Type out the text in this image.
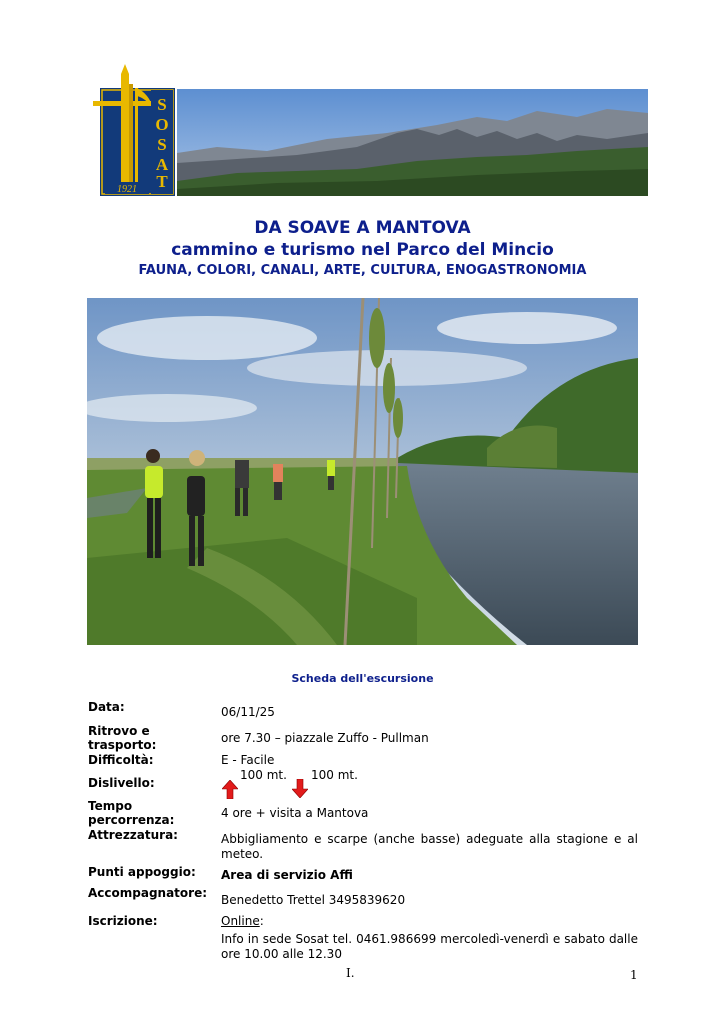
S
O
S
A
T
1921
DA SOAVE A MANTOVA
cammino e turismo nel Parco del Mincio
FAUNA, COLORI, CANALI, ARTE, CULTURA, ENOGASTRONOMIA
Scheda dell'escursione
Data:	06/11/25
Ritrovo e trasporto:	ore 7.30 – piazzale Zuffo - Pullman
Difficoltà:	E - Facile
Dislivello:
100 mt. 100 mt.
Tempo percorrenza:	4 ore + visita a Mantova
Attrezzatura:	Abbigliamento e scarpe (anche basse) adeguate alla stagione e al meteo.
Punti appoggio: Area di servizio Affi
Accompagnatore: Benedetto Trettel 3495839620
Iscrizione:	Online:
Info in sede Sosat tel. 0461.986699 mercoledì-venerdì e sabato dalle ore 10.00 alle 12.30
I.	1
